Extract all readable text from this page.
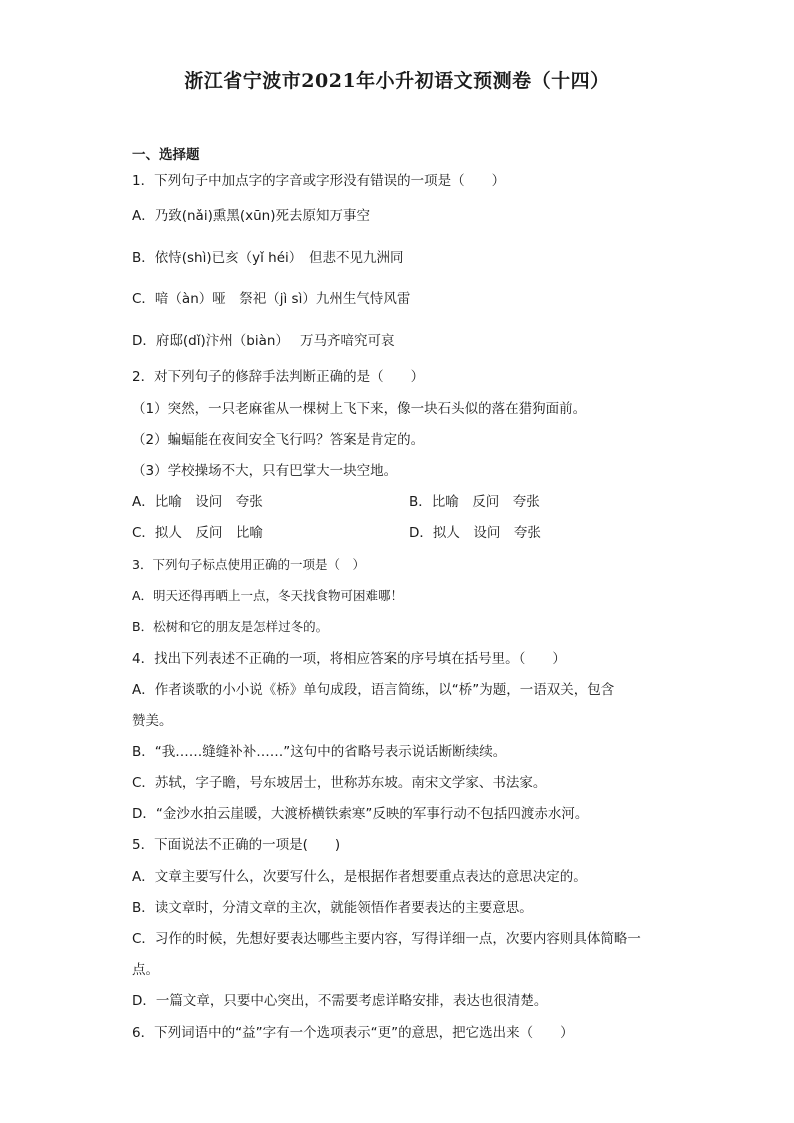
浙江省宁波市2021年小升初语文预测卷（十四）
一、选择题
1．下列句子中加点字的字音或字形没有错误的一项是（　　）
A．乃致(nǎi)熏黑(xūn)死去原知万事空
B．依恃(shì)已亥（yǐ héi）　但悲不见九洲同
C．喑（àn）哑　祭祀（jì sì）九州生气恃风雷
D．府邸(dǐ)汴州（biàn）　 万马齐喑究可哀
2．对下列句子的修辞手法判断正确的是（　　）
（1）突然，一只老麻雀从一棵树上飞下来，像一块石头似的落在猎狗面前。
（2）蝙蝠能在夜间安全飞行吗？答案是肯定的。
（3）学校操场不大，只有巴掌大一块空地。
A．比喻　设问　夸张	B．比喻　反问　夸张
C．拟人　反问　比喻	D．拟人　设问　夸张
3．下列句子标点使用正确的一项是（　）
A．明天还得再晒上一点，冬天找食物可困难哪！
B．松树和它的朋友是怎样过冬的。
4．找出下列表述不正确的一项，将相应答案的序号填在括号里。（　　）
A．作者谈歌的小小说《桥》单句成段，语言简练，以“桥”为题，一语双关，包含
赞美。
B．“我……缝缝补补……”这句中的省略号表示说话断断续续。
C．苏轼，字子瞻，号东坡居士，世称苏东坡。南宋文学家、书法家。
D．“金沙水拍云崖暖，大渡桥横铁索寒”反映的军事行动不包括四渡赤水河。
5．下面说法不正确的一项是(　　)
A．文章主要写什么，次要写什么，是根据作者想要重点表达的意思决定的。
B．读文章时，分清文章的主次，就能领悟作者要表达的主要意思。
C．习作的时候，先想好要表达哪些主要内容，写得详细一点，次要内容则具体简略一
点。
D．一篇文章，只要中心突出，不需要考虑详略安排，表达也很清楚。
6．下列词语中的“益”字有一个选项表示“更”的意思，把它选出来（　　）
